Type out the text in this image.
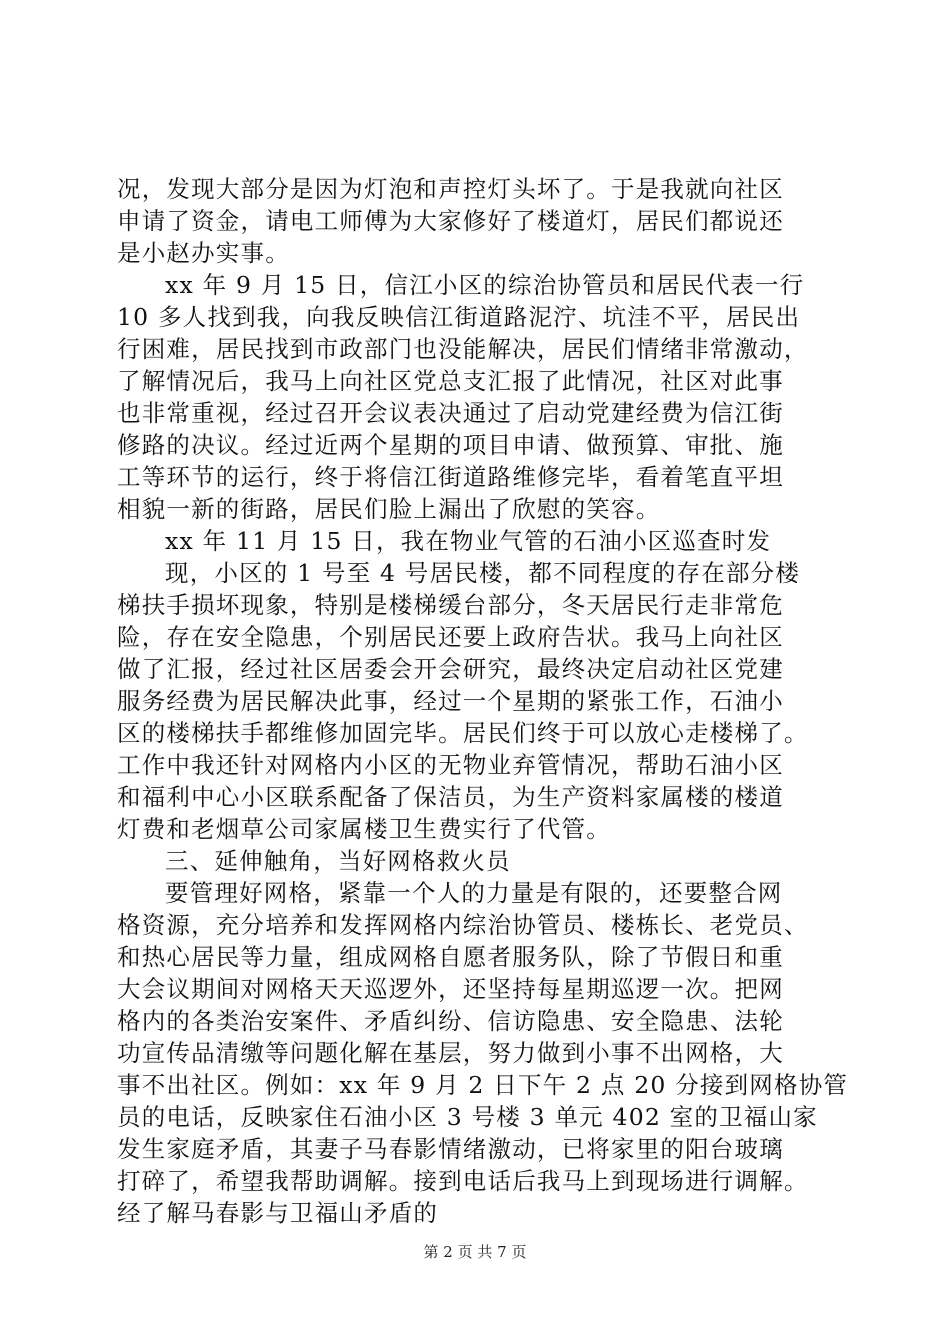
况，发现大部分是因为灯泡和声控灯头坏了。于是我就向社区
申请了资金，请电工师傅为大家修好了楼道灯，居民们都说还
是小赵办实事。
xx 年 9 月 15 日，信江小区的综治协管员和居民代表一行
10 多人找到我，向我反映信江街道路泥泞、坑洼不平，居民出
行困难，居民找到市政部门也没能解决，居民们情绪非常激动，
了解情况后，我马上向社区党总支汇报了此情况，社区对此事
也非常重视，经过召开会议表决通过了启动党建经费为信江街
修路的决议。经过近两个星期的项目申请、做预算、审批、施
工等环节的运行，终于将信江街道路维修完毕，看着笔直平坦
相貌一新的街路，居民们脸上漏出了欣慰的笑容。
xx 年 11 月 15 日，我在物业气管的石油小区巡查时发
现，小区的 1 号至 4 号居民楼，都不同程度的存在部分楼
梯扶手损坏现象，特别是楼梯缓台部分，冬天居民行走非常危
险，存在安全隐患，个别居民还要上政府告状。我马上向社区
做了汇报，经过社区居委会开会研究，最终决定启动社区党建
服务经费为居民解决此事，经过一个星期的紧张工作，石油小
区的楼梯扶手都维修加固完毕。居民们终于可以放心走楼梯了。
工作中我还针对网格内小区的无物业弃管情况，帮助石油小区
和福利中心小区联系配备了保洁员，为生产资料家属楼的楼道
灯费和老烟草公司家属楼卫生费实行了代管。
三、延伸触角，当好网格救火员
要管理好网格，紧靠一个人的力量是有限的，还要整合网
格资源，充分培养和发挥网格内综治协管员、楼栋长、老党员、
和热心居民等力量，组成网格自愿者服务队，除了节假日和重
大会议期间对网格天天巡逻外，还坚持每星期巡逻一次。把网
格内的各类治安案件、矛盾纠纷、信访隐患、安全隐患、法轮
功宣传品清缴等问题化解在基层，努力做到小事不出网格，大
事不出社区。例如：xx 年 9 月 2 日下午 2 点 20 分接到网格协管
员的电话，反映家住石油小区 3 号楼 3 单元 402 室的卫福山家
发生家庭矛盾，其妻子马春影情绪激动，已将家里的阳台玻璃
打碎了，希望我帮助调解。接到电话后我马上到现场进行调解。
经了解马春影与卫福山矛盾的
第 2 页 共 7 页
